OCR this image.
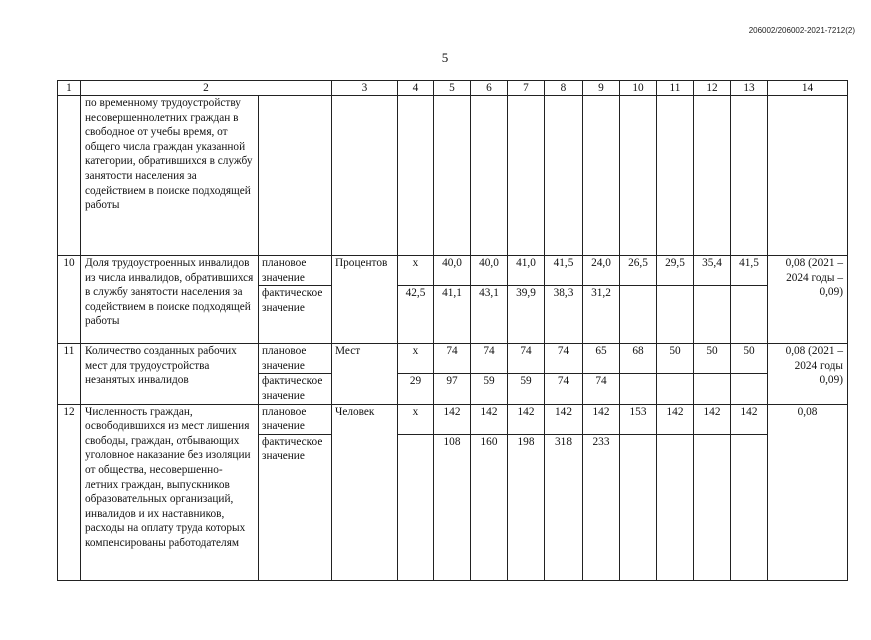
206002/206002-2021-7212(2)
5
1	2		3	4	5	6	7	8	9	10	11	12	13	14
	по временному трудоустройству несовершеннолетних граждан в свободное от учебы время, от общего числа граждан указанной категории, обратившихся в службу занятости населения за содействием в поиске подходящей работы													
10	Доля трудоустроенных инвалидов из числа инвалидов, обратившихся в службу занятости населения за содействием в поиске подходящей работы	плановое значение	Процентов	х	40,0	40,0	41,0	41,5	24,0	26,5	29,5	35,4	41,5	0,08 (2021 – 2024 годы – 0,09)
		фактическое значение		42,5	41,1	43,1	39,9	38,3	31,2					
11	Количество созданных рабочих мест для трудоустройства незанятых инвалидов	плановое значение	Мест	х	74	74	74	74	65	68	50	50	50	0,08 (2021 – 2024 годы 0,09)
		фактическое значение		29	97	59	59	74	74					
12	Численность граждан, освободившихся из мест лишения свободы, граждан, отбывающих уголовное наказание без изоляции от общества, несовершенно-летних граждан, выпускников образовательных организаций, инвалидов и их наставников, расходы на оплату труда которых компенсированы работодателям	плановое значение	Человек	х	142	142	142	142	142	153	142	142	142	0,08
		фактическое значение			108	160	198	318	233					
